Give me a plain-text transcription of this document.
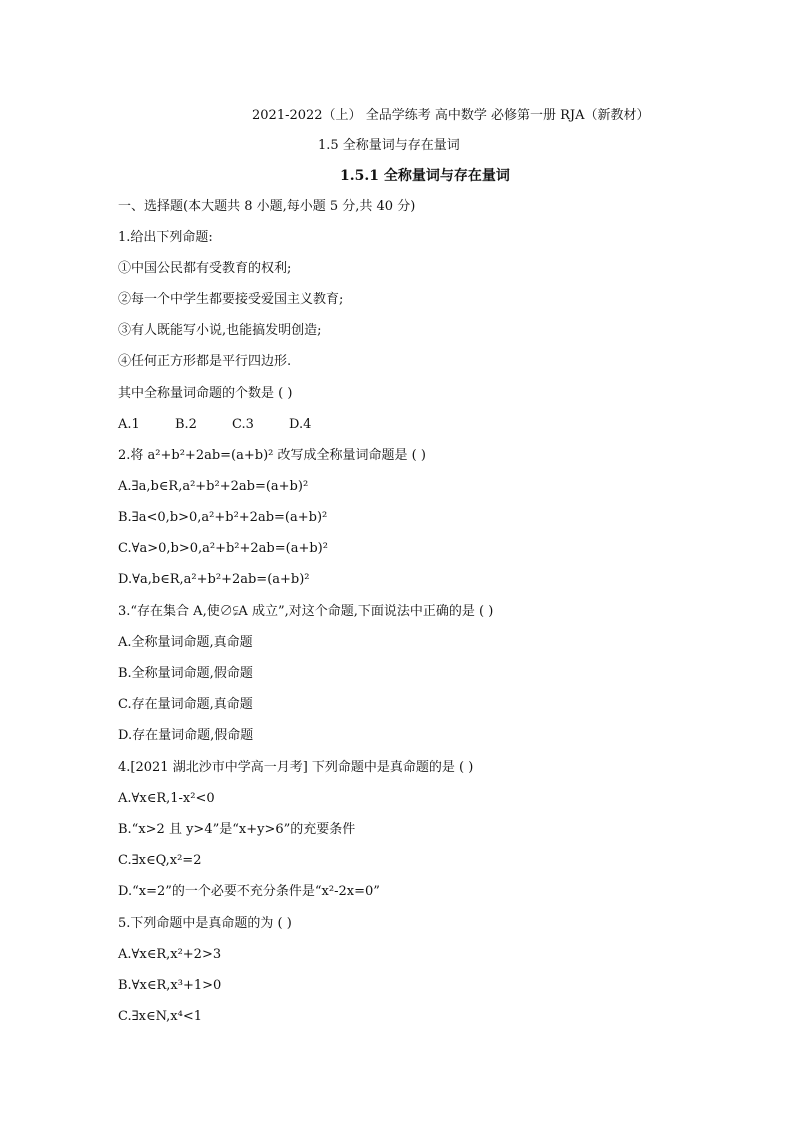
2021-2022（上） 全品学练考 高中数学 必修第一册 RJA（新教材）
1.5 全称量词与存在量词
1.5.1 全称量词与存在量词
一、选择题(本大题共 8 小题,每小题 5 分,共 40 分)
1.给出下列命题:
①中国公民都有受教育的权利;
②每一个中学生都要接受爱国主义教育;
③有人既能写小说,也能搞发明创造;
④任何正方形都是平行四边形.
其中全称量词命题的个数是 ( )
A.1	B.2	C.3	D.4
2.将 a²+b²+2ab=(a+b)² 改写成全称量词命题是 ( )
A.∃a,b∈R,a²+b²+2ab=(a+b)²
B.∃a<0,b>0,a²+b²+2ab=(a+b)²
C.∀a>0,b>0,a²+b²+2ab=(a+b)²
D.∀a,b∈R,a²+b²+2ab=(a+b)²
3.“存在集合 A,使∅⫋A 成立”,对这个命题,下面说法中正确的是 ( )
A.全称量词命题,真命题
B.全称量词命题,假命题
C.存在量词命题,真命题
D.存在量词命题,假命题
4.[2021 湖北沙市中学高一月考] 下列命题中是真命题的是 ( )
A.∀x∈R,1-x²<0
B.“x>2 且 y>4”是“x+y>6”的充要条件
C.∃x∈Q,x²=2
D.“x=2”的一个必要不充分条件是“x²-2x=0”
5.下列命题中是真命题的为 ( )
A.∀x∈R,x²+2>3
B.∀x∈R,x³+1>0
C.∃x∈N,x⁴<1
